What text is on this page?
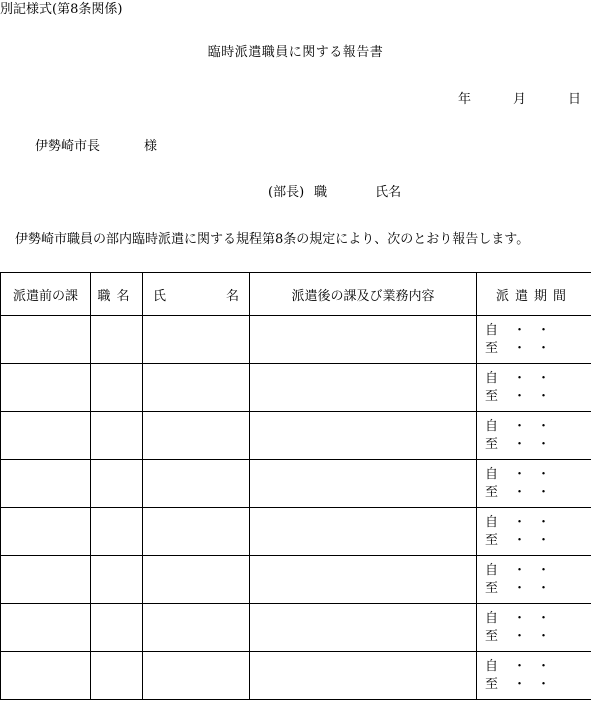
別記様式(第8条関係)
臨時派遣職員に関する報告書
年	月	日
伊勢崎市長	様
(部長) 職	氏名
伊勢崎市職員の部内臨時派遣に関する規程第8条の規定により、次のとおり報告します。
派遣前の課	職名	氏 名	派遣後の課及び業務内容	派遣期間

				自 ・ ・
至 ・ ・

				自 ・ ・
至 ・ ・

				自 ・ ・
至 ・ ・

				自 ・ ・
至 ・ ・

				自 ・ ・
至 ・ ・

				自 ・ ・
至 ・ ・

				自 ・ ・
至 ・ ・

				自 ・ ・
至 ・ ・
